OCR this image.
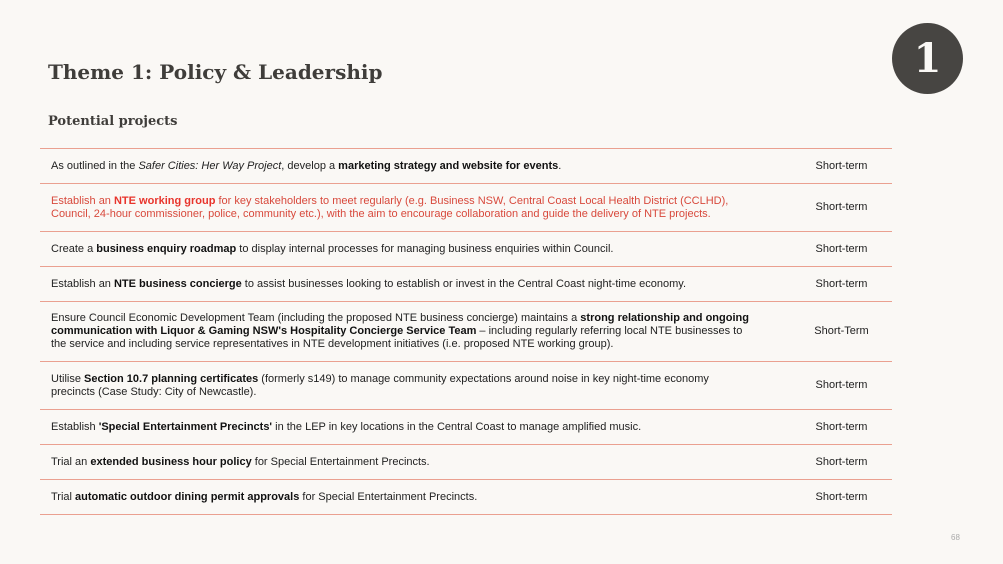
Theme 1: Policy & Leadership
Potential projects
1
As outlined in the Safer Cities: Her Way Project, develop a marketing strategy and website for events.	Short-term
Establish an NTE working group for key stakeholders to meet regularly (e.g. Business NSW, Central Coast Local Health District (CCLHD), Council, 24-hour commissioner, police, community etc.), with the aim to encourage collaboration and guide the delivery of NTE projects.
Short-term
Create a business enquiry roadmap to display internal processes for managing business enquiries within Council.	Short-term
Establish an NTE business concierge to assist businesses looking to establish or invest in the Central Coast night-time economy.	Short-term
Ensure Council Economic Development Team (including the proposed NTE business concierge) maintains a strong relationship and ongoing communication with Liquor & Gaming NSW's Hospitality Concierge Service Team – including regularly referring local NTE businesses to the service and including service representatives in NTE development initiatives (i.e. proposed NTE working group).
Short-Term
Utilise Section 10.7 planning certificates (formerly s149) to manage community expectations around noise in key night-time economy precincts (Case Study: City of Newcastle).
Short-term
Establish 'Special Entertainment Precincts' in the LEP in key locations in the Central Coast to manage amplified music.	Short-term
Trial an extended business hour policy for Special Entertainment Precincts.	Short-term
Trial automatic outdoor dining permit approvals for Special Entertainment Precincts.	Short-term
68
